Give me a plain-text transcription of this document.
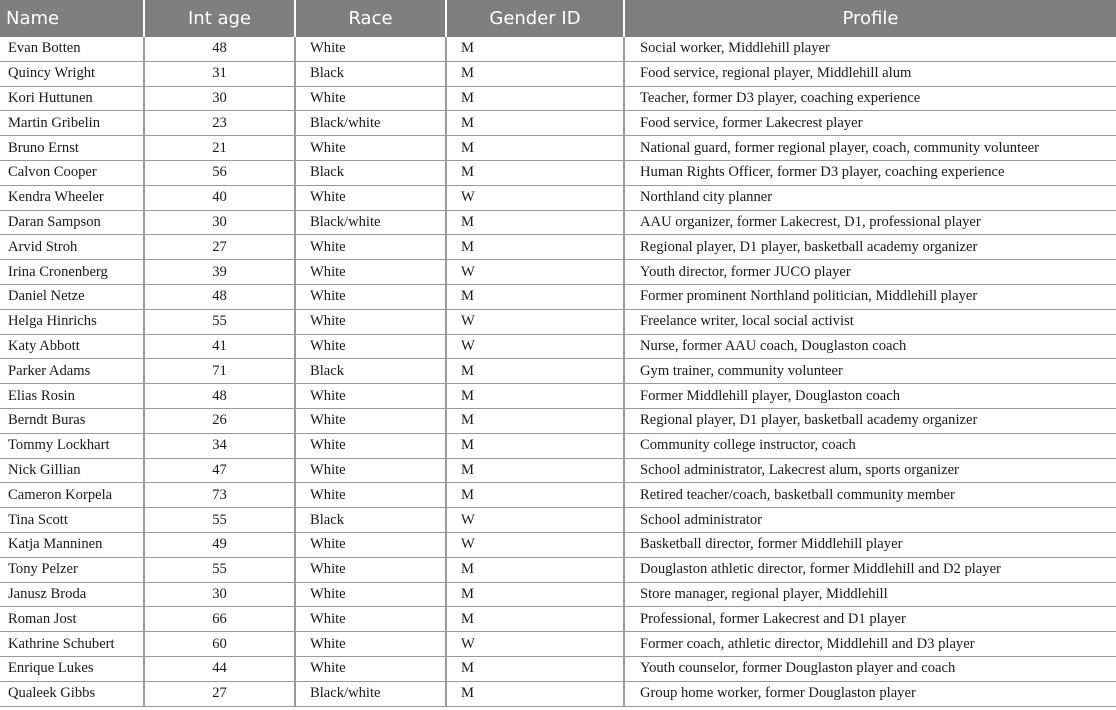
Name	Int age	Race	Gender ID	Profile
Evan Botten	48	White	M	Social worker, Middlehill player
Quincy Wright	31	Black	M	Food service, regional player, Middlehill alum
Kori Huttunen	30	White	M	Teacher, former D3 player, coaching experience
Martin Gribelin	23	Black/white	M	Food service, former Lakecrest player
Bruno Ernst	21	White	M	National guard, former regional player, coach, community volunteer
Calvon Cooper	56	Black	M	Human Rights Officer, former D3 player, coaching experience
Kendra Wheeler	40	White	W	Northland city planner
Daran Sampson	30	Black/white	M	AAU organizer, former Lakecrest, D1, professional player
Arvid Stroh	27	White	M	Regional player, D1 player, basketball academy organizer
Irina Cronenberg	39	White	W	Youth director, former JUCO player
Daniel Netze	48	White	M	Former prominent Northland politician, Middlehill player
Helga Hinrichs	55	White	W	Freelance writer, local social activist
Katy Abbott	41	White	W	Nurse, former AAU coach, Douglaston coach
Parker Adams	71	Black	M	Gym trainer, community volunteer
Elias Rosin	48	White	M	Former Middlehill player, Douglaston coach
Berndt Buras	26	White	M	Regional player, D1 player, basketball academy organizer
Tommy Lockhart	34	White	M	Community college instructor, coach
Nick Gillian	47	White	M	School administrator, Lakecrest alum, sports organizer
Cameron Korpela	73	White	M	Retired teacher/coach, basketball community member
Tina Scott	55	Black	W	School administrator
Katja Manninen	49	White	W	Basketball director, former Middlehill player
Tony Pelzer	55	White	M	Douglaston athletic director, former Middlehill and D2 player
Janusz Broda	30	White	M	Store manager, regional player, Middlehill
Roman Jost	66	White	M	Professional, former Lakecrest and D1 player
Kathrine Schubert	60	White	W	Former coach, athletic director, Middlehill and D3 player
Enrique Lukes	44	White	M	Youth counselor, former Douglaston player and coach
Qualeek Gibbs	27	Black/white	M	Group home worker, former Douglaston player
